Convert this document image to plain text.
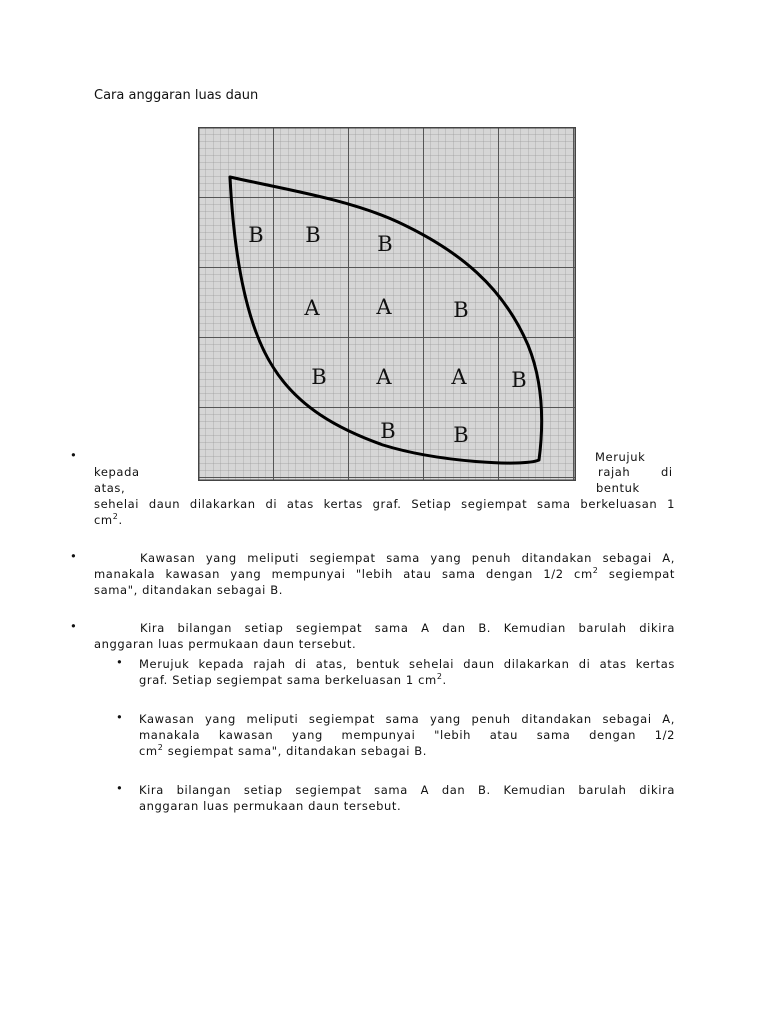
Cara anggaran luas daun
B B	B
A	A	B
B A	A B
B	B
•	Merujuk
kepada	rajah	di
atas,	bentuk
sehelai daun dilakarkan di atas kertas graf. Setiap segiempat sama berkeluasan 1
$cm^2$.
•	Kawasan yang meliputi segiempat sama yang penuh ditandakan sebagai A,
manakala kawasan yang mempunyai "lebih atau sama dengan 1/2 $cm^2$ segiempat
sama", ditandakan sebagai B.
•	Kira bilangan setiap segiempat sama A dan B. Kemudian barulah dikira
anggaran luas permukaan daun tersebut.
• Merujuk kepada rajah di atas, bentuk sehelai daun dilakarkan di atas kertas
graf. Setiap segiempat sama berkeluasan 1 $cm^2$.
• Kawasan yang meliputi segiempat sama yang penuh ditandakan sebagai A,
manakala kawasan yang mempunyai "lebih atau sama dengan 1/2
$cm^2$ segiempat sama", ditandakan sebagai B.
• Kira bilangan setiap segiempat sama A dan B. Kemudian barulah dikira
anggaran luas permukaan daun tersebut.
